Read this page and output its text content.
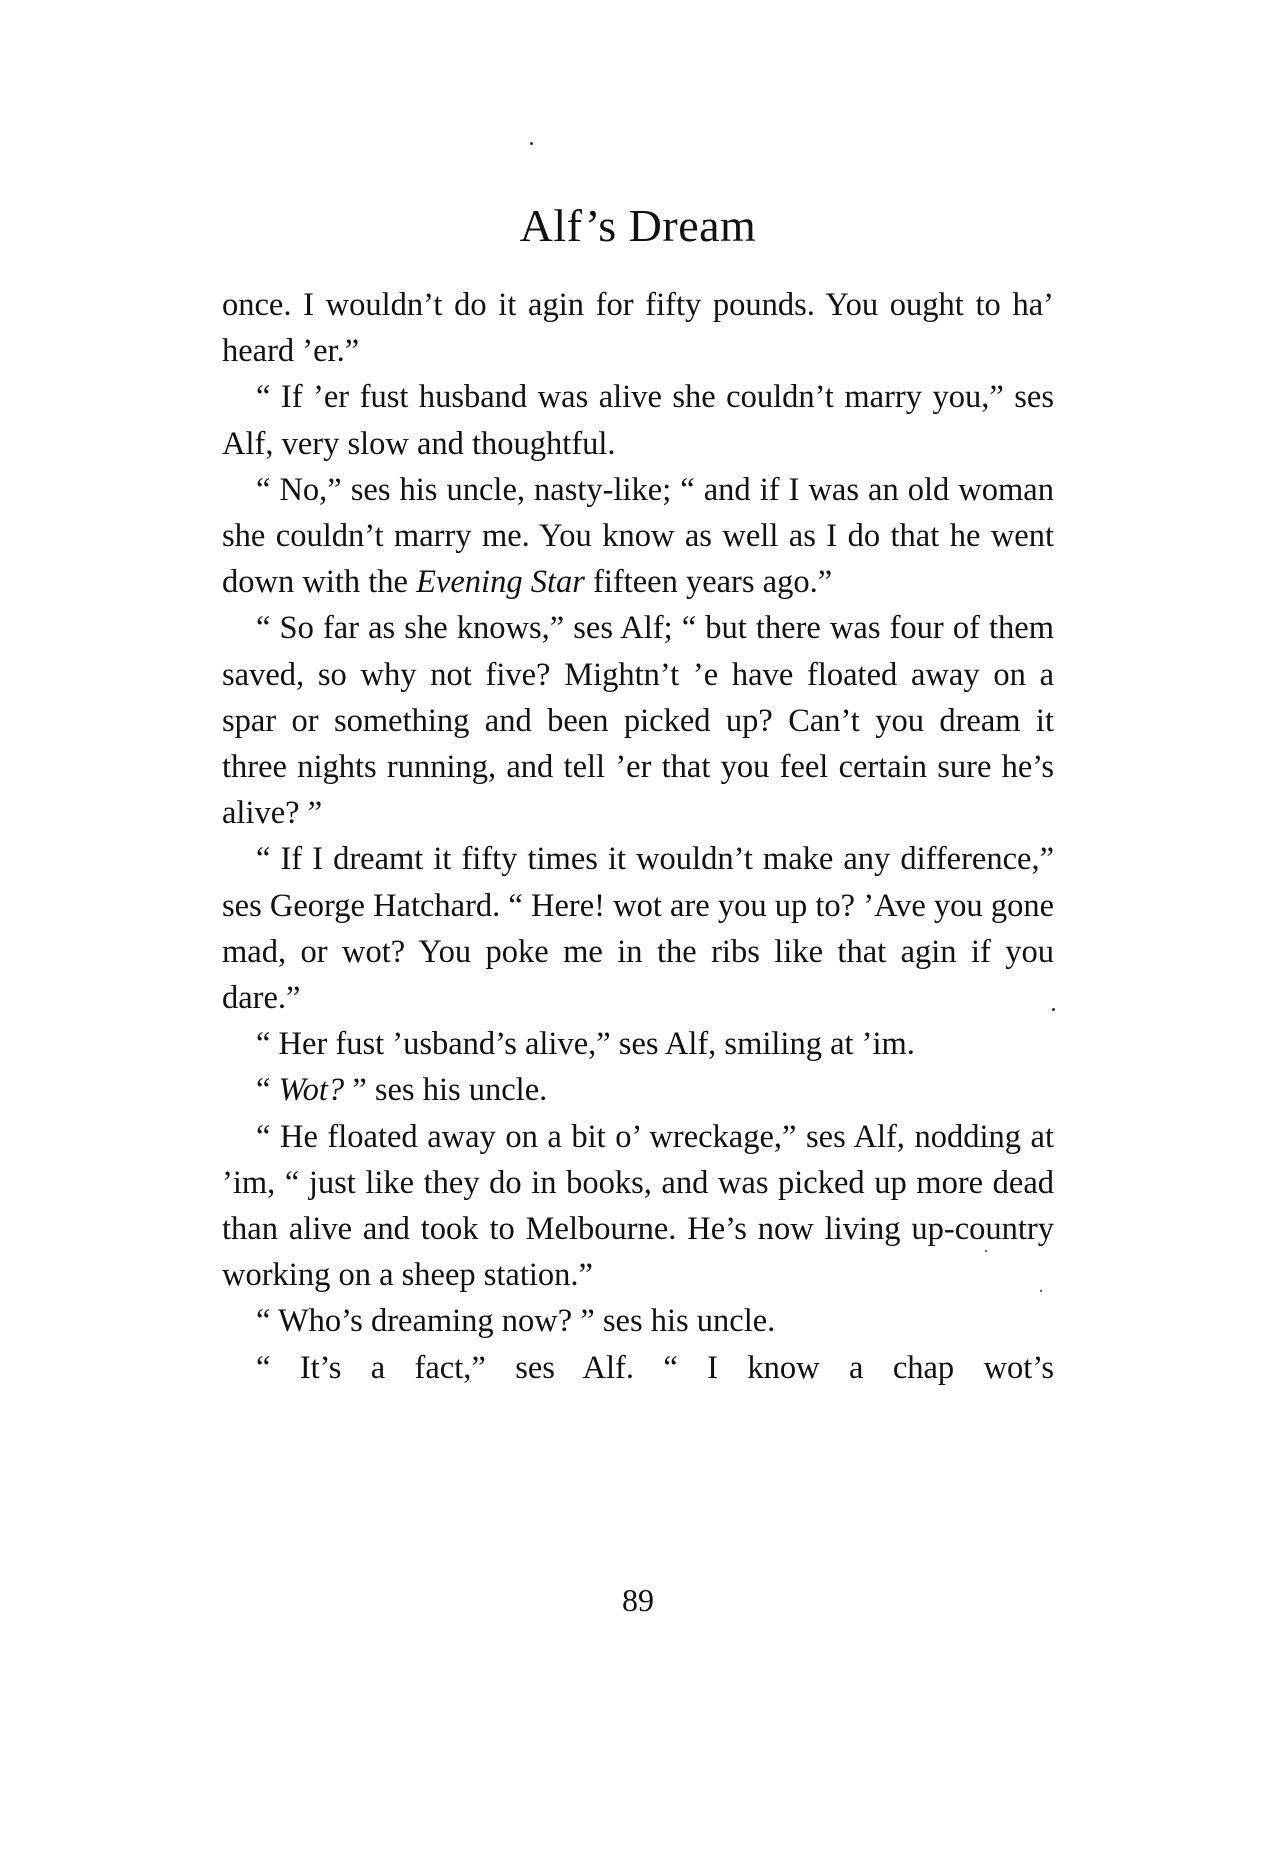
Alf’s Dream

once. I wouldn’t do it agin for fifty pounds. You ought to ha’ heard ’er.”

“ If ’er fust husband was alive she couldn’t marry you,” ses Alf, very slow and thoughtful.

“ No,” ses his uncle, nasty-like; “ and if I was an old woman she couldn’t marry me. You know as well as I do that he went down with the Evening Star fifteen years ago.”

“ So far as she knows,” ses Alf; “ but there was four of them saved, so why not five? Mightn’t ’e have floated away on a spar or something and been picked up? Can’t you dream it three nights running, and tell ’er that you feel certain sure he’s alive? ”

“ If I dreamt it fifty times it wouldn’t make any difference,” ses George Hatchard. “ Here! wot are you up to? ’Ave you gone mad, or wot? You poke me in the ribs like that agin if you dare.”

“ Her fust ’usband’s alive,” ses Alf, smiling at ’im.

“ Wot? ” ses his uncle.

“ He floated away on a bit o’ wreckage,” ses Alf, nodding at ’im, “ just like they do in books, and was picked up more dead than alive and took to Melbourne. He’s now living up-country working on a sheep station.”

“ Who’s dreaming now? ” ses his uncle.

“ It’s a fact,” ses Alf. “ I know a chap wot’s

89
